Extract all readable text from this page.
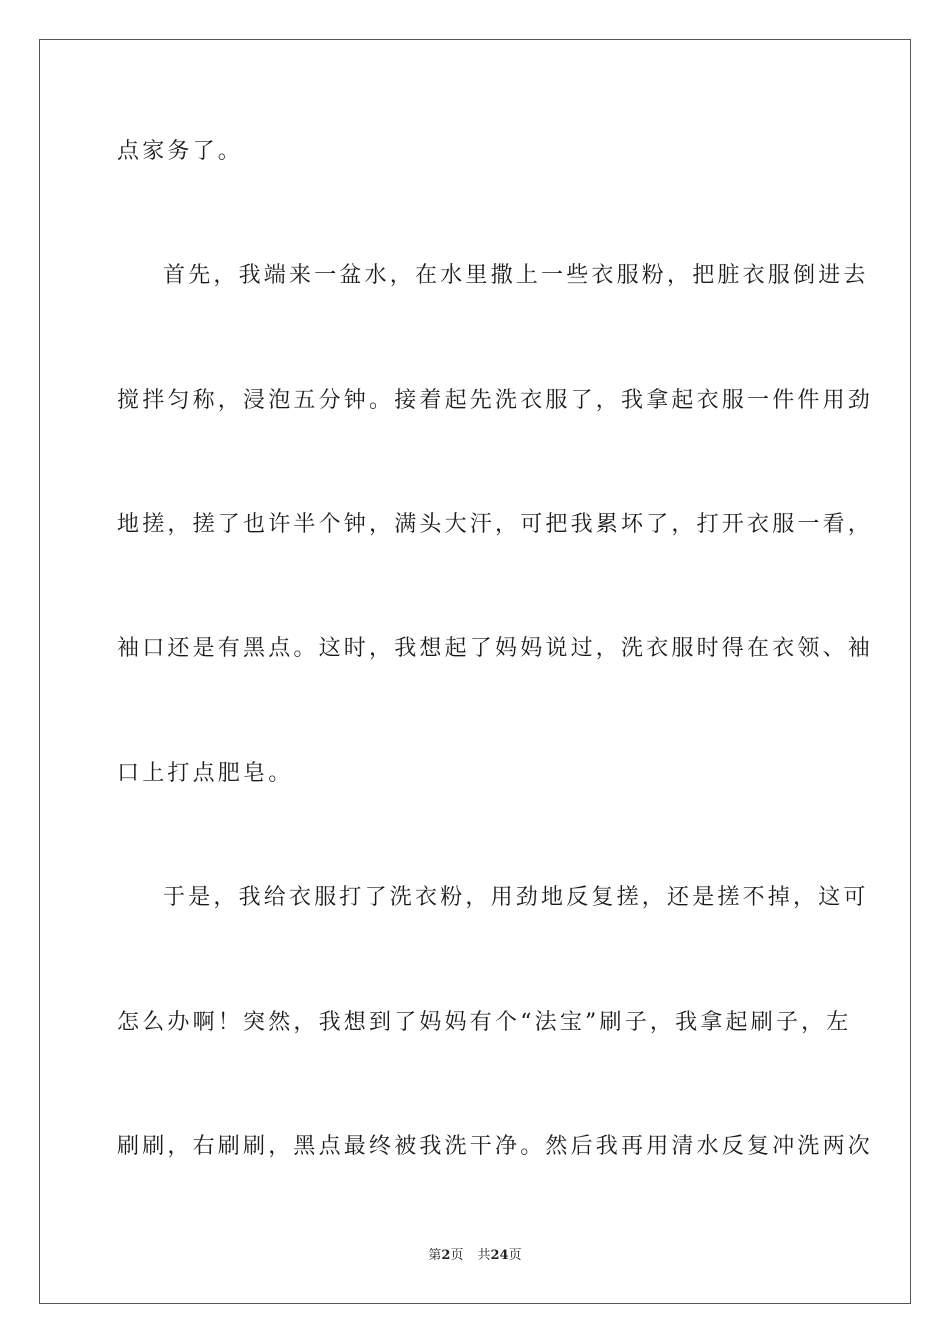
点家务了。
首先，我端来一盆水，在水里撒上一些衣服粉，把脏衣服倒进去
搅拌匀称，浸泡五分钟。接着起先洗衣服了，我拿起衣服一件件用劲
地搓，搓了也许半个钟，满头大汗，可把我累坏了，打开衣服一看，
袖口还是有黑点。这时，我想起了妈妈说过，洗衣服时得在衣领、袖
口上打点肥皂。
于是，我给衣服打了洗衣粉，用劲地反复搓，还是搓不掉，这可
怎么办啊！突然，我想到了妈妈有个“法宝”刷子，我拿起刷子，左
刷刷，右刷刷，黑点最终被我洗干净。然后我再用清水反复冲洗两次
第2页 共24页
